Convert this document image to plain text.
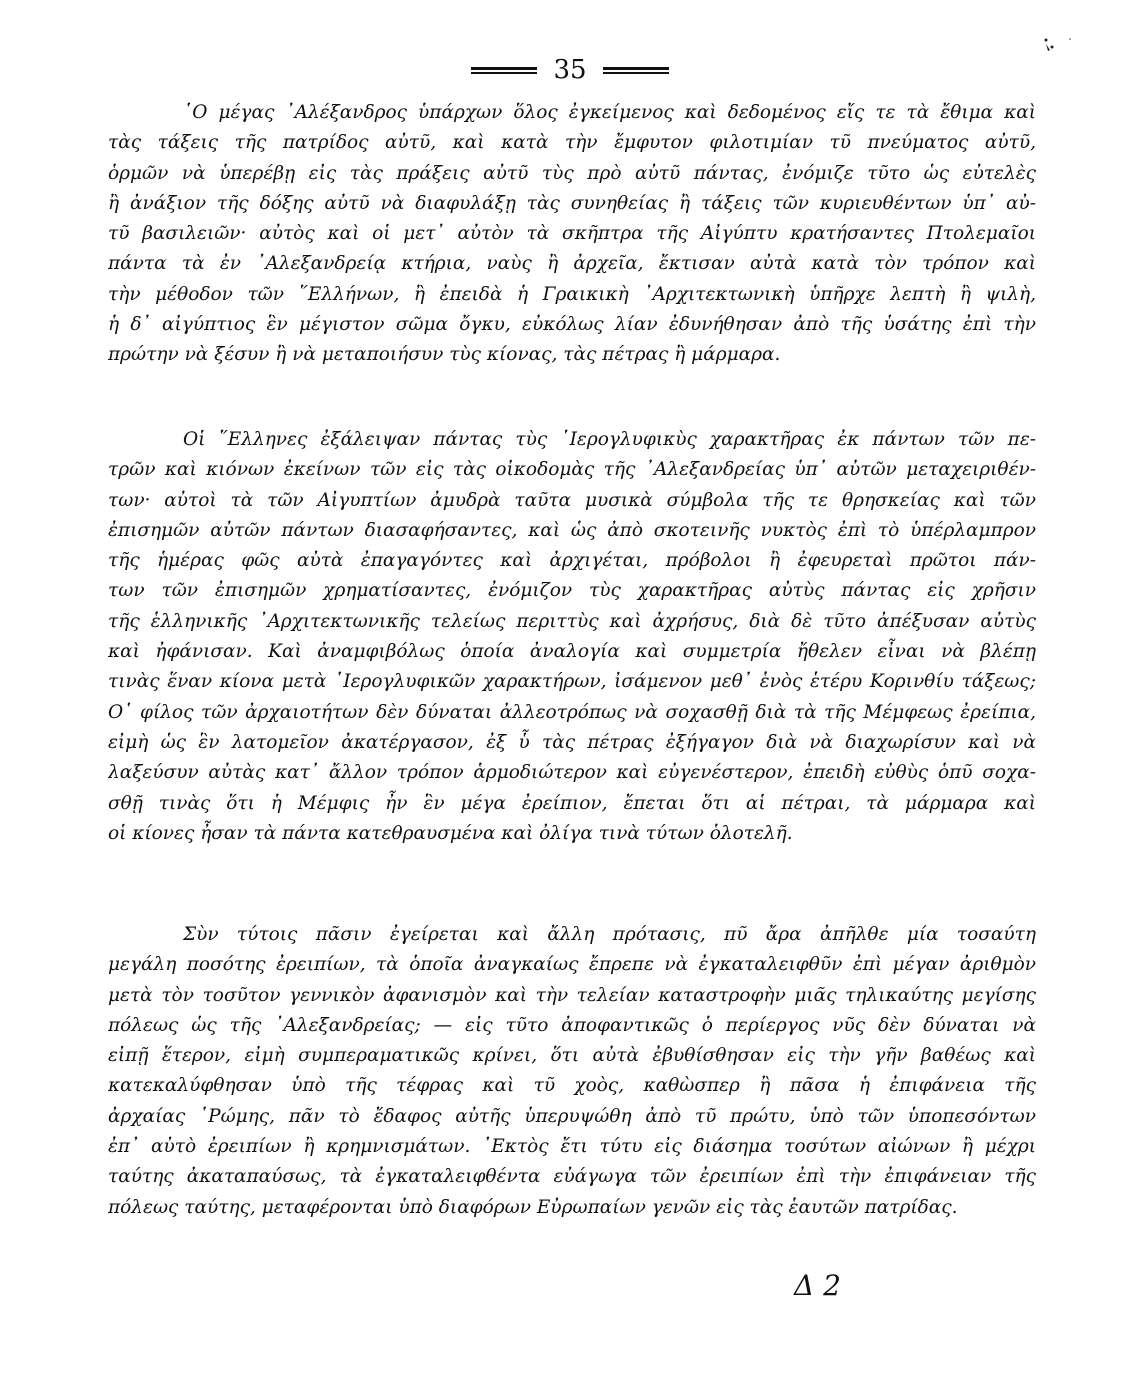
35
῾Ο μέγας ᾿Αλέξανδρος ὑπάρχων ὅλος ἐγκείμενος καὶ δεδομένος εἴς τε τὰ ἔθιμα καὶ
τὰς τάξεις τῆς πατρίδος αὐτῦ, καὶ κατὰ τὴν ἔμφυτον φιλοτιμίαν τῦ πνεύματος αὐτῦ,
ὁρμῶν νὰ ὑπερέβῃ εἰς τὰς πράξεις αὐτῦ τὺς πρὸ αὐτῦ πάντας, ἐνόμιζε τῦτο ὡς εὐτελὲς
ἢ ἀνάξιον τῆς δόξης αὐτῦ νὰ διαφυλάξῃ τὰς συνηθείας ἢ τάξεις τῶν κυριευθέντων ὑπ᾿ αὐ-
τῦ βασιλειῶν· αὐτὸς καὶ οἱ μετ᾿ αὐτὸν τὰ σκῆπτρα τῆς Αἰγύπτυ κρατήσαντες Πτολεμαῖοι
πάντα τὰ ἐν ᾿Αλεξανδρείᾳ κτήρια, ναὺς ἢ ἀρχεῖα, ἔκτισαν αὐτὰ κατὰ τὸν τρόπον καὶ
τὴν μέθοδον τῶν ῞Ελλήνων, ἢ ἐπειδὰ ἡ Γραικικὴ ᾿Αρχιτεκτωνικὴ ὑπῆρχε λεπτὴ ἢ ψιλὴ,
ἡ δ᾿ αἰγύπτιος ἓν μέγιστον σῶμα ὄγκυ, εὐκόλως λίαν ἐδυνήθησαν ἀπὸ τῆς ὑσάτης ἐπὶ τὴν
πρώτην νὰ ξέσυν ἢ νὰ μεταποιήσυν τὺς κίονας, τὰς πέτρας ἢ μάρμαρα.
Οἱ ῞Ελληνες ἐξάλειψαν πάντας τὺς ῾Ιερογλυφικὺς χαρακτῆρας ἐκ πάντων τῶν πε-
τρῶν καὶ κιόνων ἐκείνων τῶν εἰς τὰς οἰκοδομὰς τῆς ᾿Αλεξανδρείας ὑπ᾿ αὐτῶν μεταχειριθέν-
των· αὐτοὶ τὰ τῶν Αἰγυπτίων ἀμυδρὰ ταῦτα μυσικὰ σύμβολα τῆς τε θρησκείας καὶ τῶν
ἐπισημῶν αὐτῶν πάντων διασαφήσαντες, καὶ ὡς ἀπὸ σκοτεινῆς νυκτὸς ἐπὶ τὸ ὑπέρλαμπρον
τῆς ἡμέρας φῶς αὐτὰ ἐπαγαγόντες καὶ ἀρχιγέται, πρόβολοι ἢ ἐφευρεταὶ πρῶτοι πάν-
των τῶν ἐπισημῶν χρηματίσαντες, ἐνόμιζον τὺς χαρακτῆρας αὐτὺς πάντας εἰς χρῆσιν
τῆς ἑλληνικῆς ᾿Αρχιτεκτωνικῆς τελείως περιττὺς καὶ ἀχρήσυς, διὰ δὲ τῦτο ἀπέξυσαν αὐτὺς
καὶ ἠφάνισαν. Καὶ ἀναμφιβόλως ὁποία ἀναλογία καὶ συμμετρία ἤθελεν εἶναι νὰ βλέπῃ
τινὰς ἕναν κίονα μετὰ ῾Ιερογλυφικῶν χαρακτήρων, ἰσάμενον μεθ᾿ ἑνὸς ἑτέρυ Κορινθίυ τάξεως;
Ο῾ φίλος τῶν ἀρχαιοτήτων δὲν δύναται ἀλλεοτρόπως νὰ σοχασθῇ διὰ τὰ τῆς Μέμφεως ἐρείπια,
εἰμὴ ὡς ἓν λατομεῖον ἀκατέργασον, ἐξ ὗ τὰς πέτρας ἐξήγαγον διὰ νὰ διαχωρίσυν καὶ νὰ
λαξεύσυν αὐτὰς κατ᾿ ἄλλον τρόπον ἁρμοδιώτερον καὶ εὐγενέστερον, ἐπειδὴ εὐθὺς ὁπῦ σοχα-
σθῇ τινὰς ὅτι ἡ Μέμφις ἦν ἓν μέγα ἐρείπιον, ἔπεται ὅτι αἱ πέτραι, τὰ μάρμαρα καὶ
οἱ κίονες ἦσαν τὰ πάντα κατεθραυσμένα καὶ ὀλίγα τινὰ τύτων ὁλοτελῆ.
Σὺν τύτοις πᾶσιν ἐγείρεται καὶ ἄλλη πρότασις, πῦ ἄρα ἀπῆλθε μία τοσαύτη
μεγάλη ποσότης ἐρειπίων, τὰ ὁποῖα ἀναγκαίως ἔπρεπε νὰ ἐγκαταλειφθῦν ἐπὶ μέγαν ἀριθμὸν
μετὰ τὸν τοσῦτον γεννικὸν ἀφανισμὸν καὶ τὴν τελείαν καταστροφὴν μιᾶς τηλικαύτης μεγίσης
πόλεως ὡς τῆς ᾿Αλεξανδρείας; — εἰς τῦτο ἀποφαντικῶς ὁ περίεργος νῦς δὲν δύναται νὰ
εἰπῇ ἕτερον, εἰμὴ συμπεραματικῶς κρίνει, ὅτι αὐτὰ ἐβυθίσθησαν εἰς τὴν γῆν βαθέως καὶ
κατεκαλύφθησαν ὑπὸ τῆς τέφρας καὶ τῦ χοὸς, καθὼσπερ ἢ πᾶσα ἡ ἐπιφάνεια τῆς
ἀρχαίας ῾Ρώμης, πᾶν τὸ ἔδαφος αὐτῆς ὑπερυψώθη ἀπὸ τῦ πρώτυ, ὑπὸ τῶν ὑποπεσόντων
ἐπ᾿ αὐτὸ ἐρειπίων ἢ κρημνισμάτων. ᾿Εκτὸς ἔτι τύτυ εἰς διάσημα τοσύτων αἰώνων ἢ μέχρι
ταύτης ἀκαταπαύσως, τὰ ἐγκαταλειφθέντα εὐάγωγα τῶν ἐρειπίων ἐπὶ τὴν ἐπιφάνειαν τῆς
πόλεως ταύτης, μεταφέρονται ὑπὸ διαφόρων Εὐρωπαίων γενῶν εἰς τὰς ἑαυτῶν πατρίδας.
Δ 2
